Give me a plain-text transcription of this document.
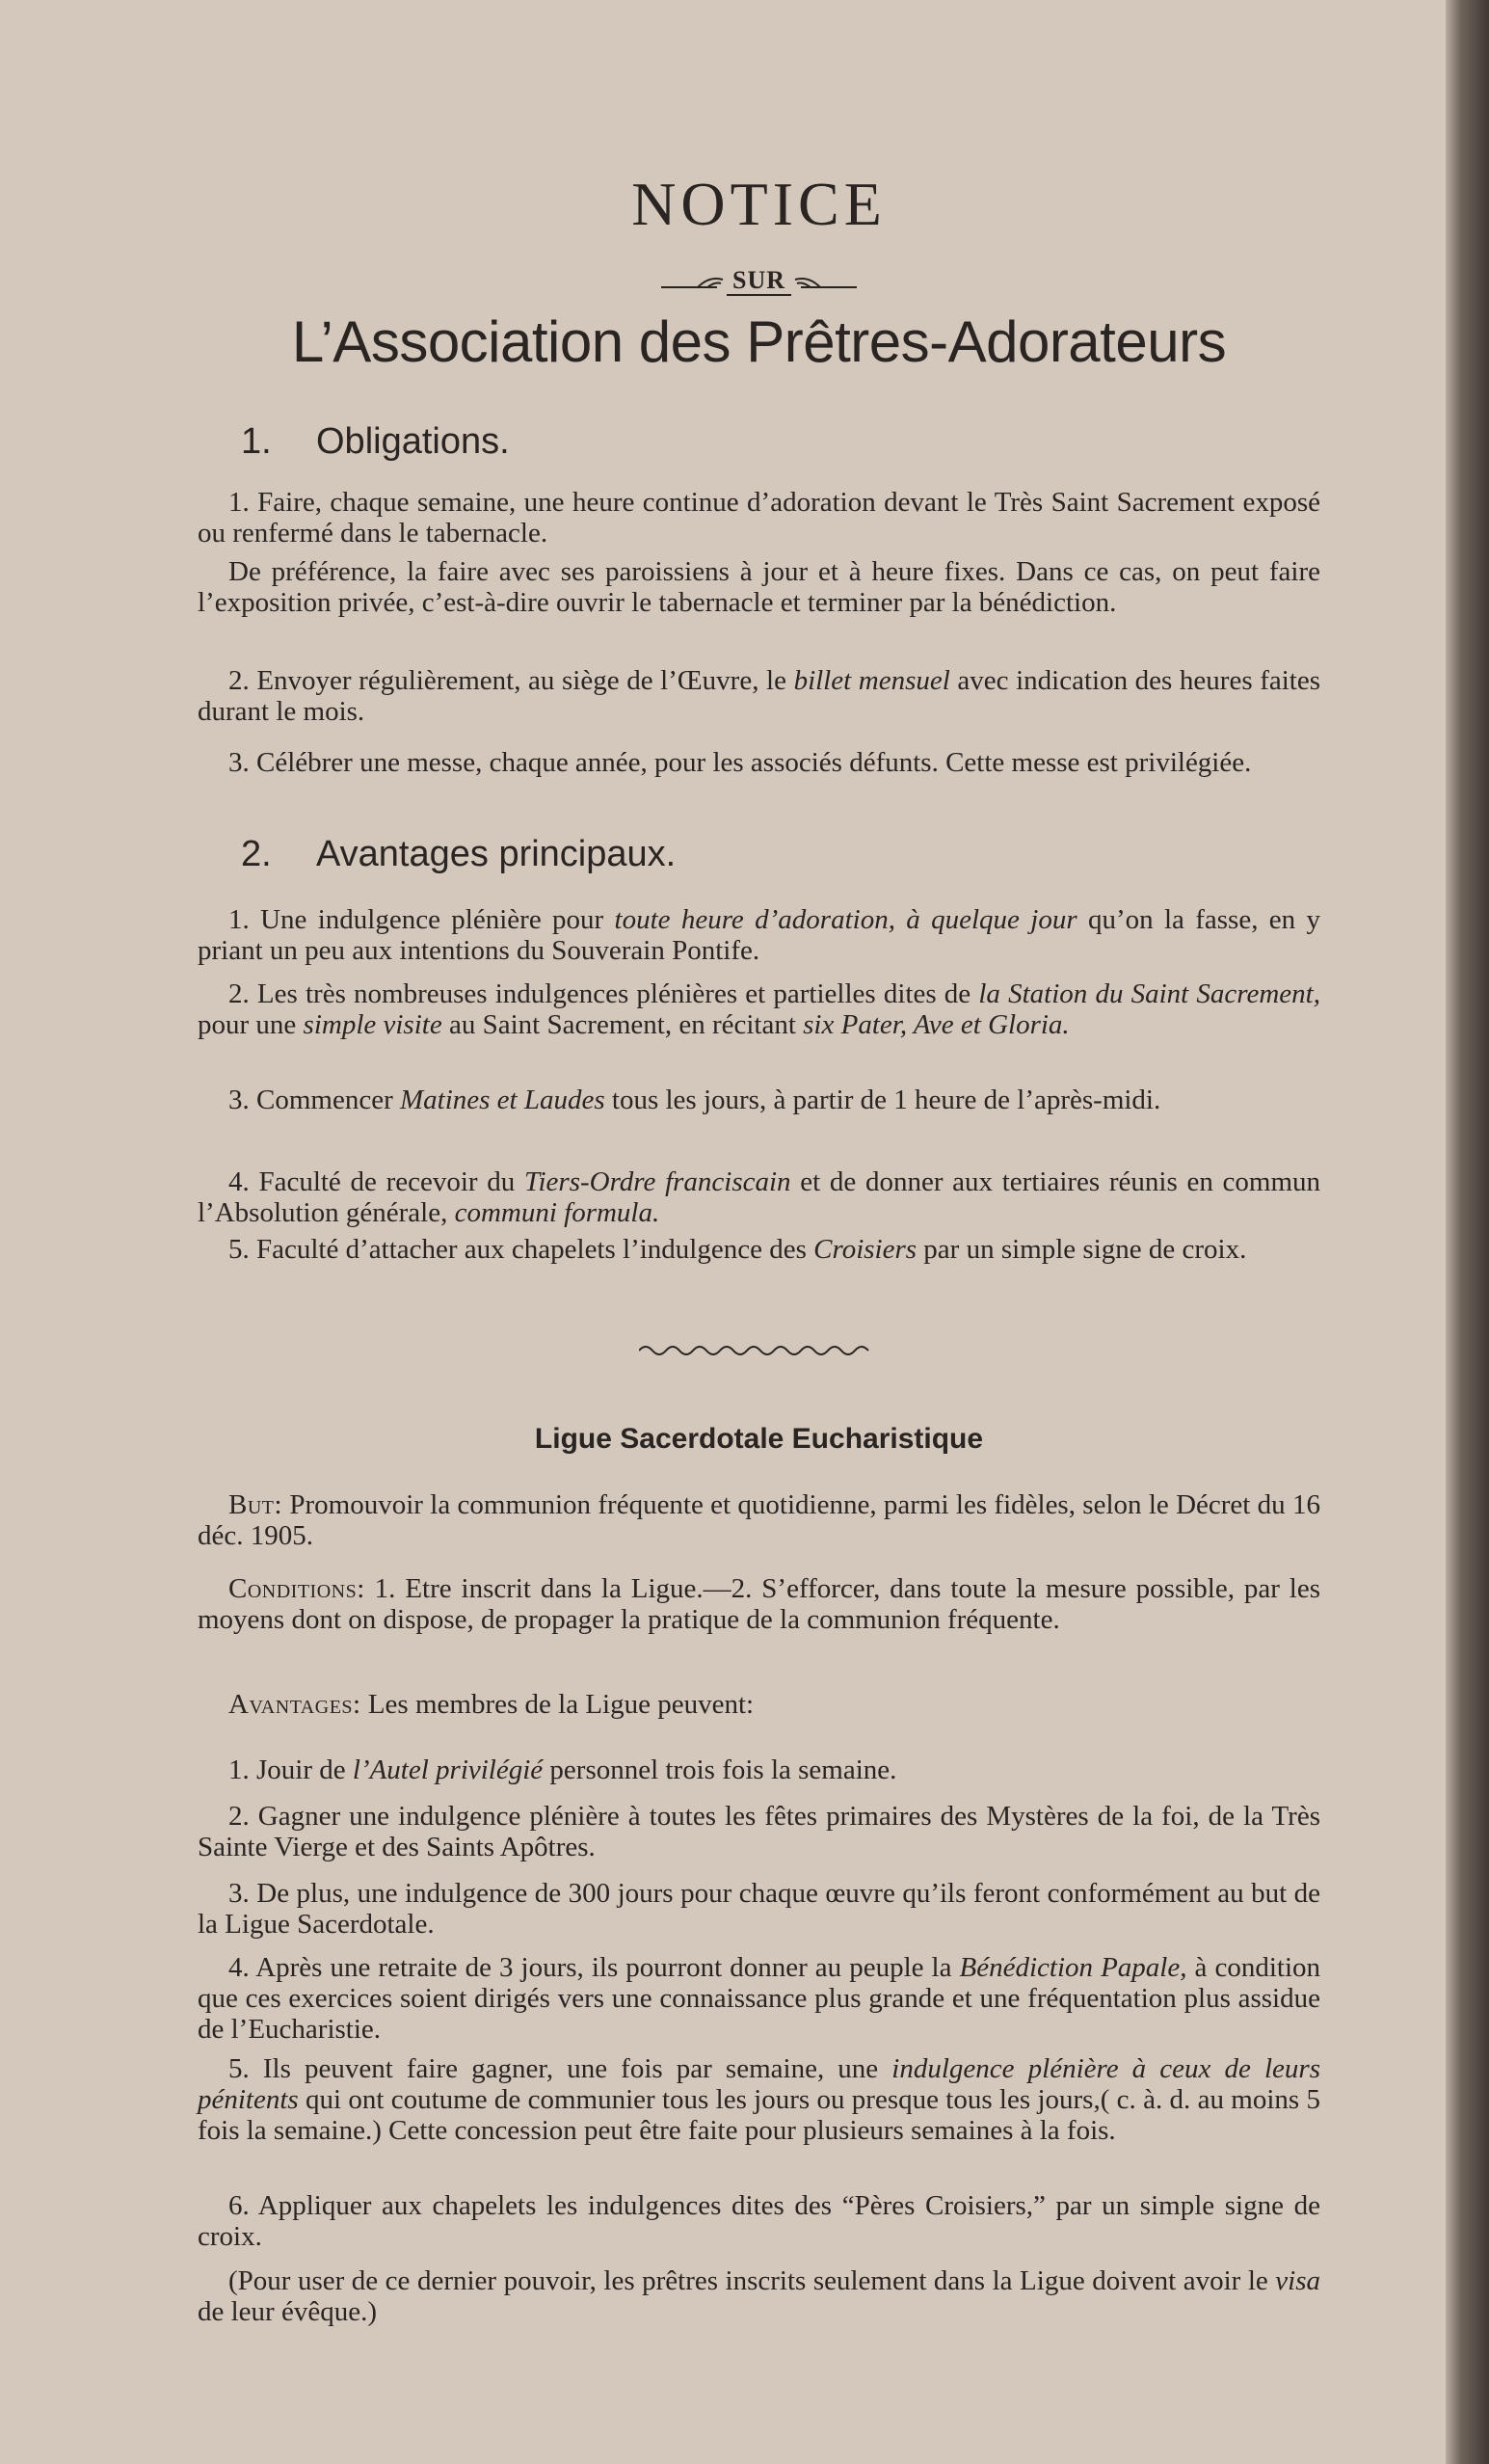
NOTICE
SUR
L’Association des Prêtres-Adorateurs
1. Obligations.

1. Faire, chaque semaine, une heure continue d’adoration devant le Très Saint Sacrement exposé ou renfermé dans le tabernacle.

De préférence, la faire avec ses paroissiens à jour et à heure fixes. Dans ce cas, on peut faire l’exposition privée, c’est-à-dire ouvrir le tabernacle et terminer par la bénédiction.

2. Envoyer régulièrement, au siège de l’Œuvre, le billet mensuel avec indication des heures faites durant le mois.

3. Célébrer une messe, chaque année, pour les associés défunts. Cette messe est privilégiée.

2. Avantages principaux.

1. Une indulgence plénière pour toute heure d’adoration, à quelque jour qu’on la fasse, en y priant un peu aux intentions du Souverain Pontife.

2. Les très nombreuses indulgences plénières et partielles dites de la Station du Saint Sacrement, pour une simple visite au Saint Sacrement, en récitant six Pater, Ave et Gloria.

3. Commencer Matines et Laudes tous les jours, à partir de 1 heure de l’après-midi.

4. Faculté de recevoir du Tiers-Ordre franciscain et de donner aux tertiaires réunis en commun l’Absolution générale, communi formula.

5. Faculté d’attacher aux chapelets l’indulgence des Croisiers par un simple signe de croix.

Ligue Sacerdotale Eucharistique

But: Promouvoir la communion fréquente et quotidienne, parmi les fidèles, selon le Décret du 16 déc. 1905.

Conditions: 1. Etre inscrit dans la Ligue.—2. S’efforcer, dans toute la mesure possible, par les moyens dont on dispose, de propager la pratique de la communion fréquente.

Avantages: Les membres de la Ligue peuvent:

1. Jouir de l’Autel privilégié personnel trois fois la semaine.

2. Gagner une indulgence plénière à toutes les fêtes primaires des Mystères de la foi, de la Très Sainte Vierge et des Saints Apôtres.

3. De plus, une indulgence de 300 jours pour chaque œuvre qu’ils feront conformément au but de la Ligue Sacerdotale.

4. Après une retraite de 3 jours, ils pourront donner au peuple la Bénédiction Papale, à condition que ces exercices soient dirigés vers une connaissance plus grande et une fréquentation plus assidue de l’Eucharistie.

5. Ils peuvent faire gagner, une fois par semaine, une indulgence plénière à ceux de leurs pénitents qui ont coutume de communier tous les jours ou presque tous les jours,( c. à. d. au moins 5 fois la semaine.) Cette concession peut être faite pour plusieurs semaines à la fois.

6. Appliquer aux chapelets les indulgences dites des “Pères Croisiers,” par un simple signe de croix.

(Pour user de ce dernier pouvoir, les prêtres inscrits seulement dans la Ligue doivent avoir le visa de leur évêque.)
